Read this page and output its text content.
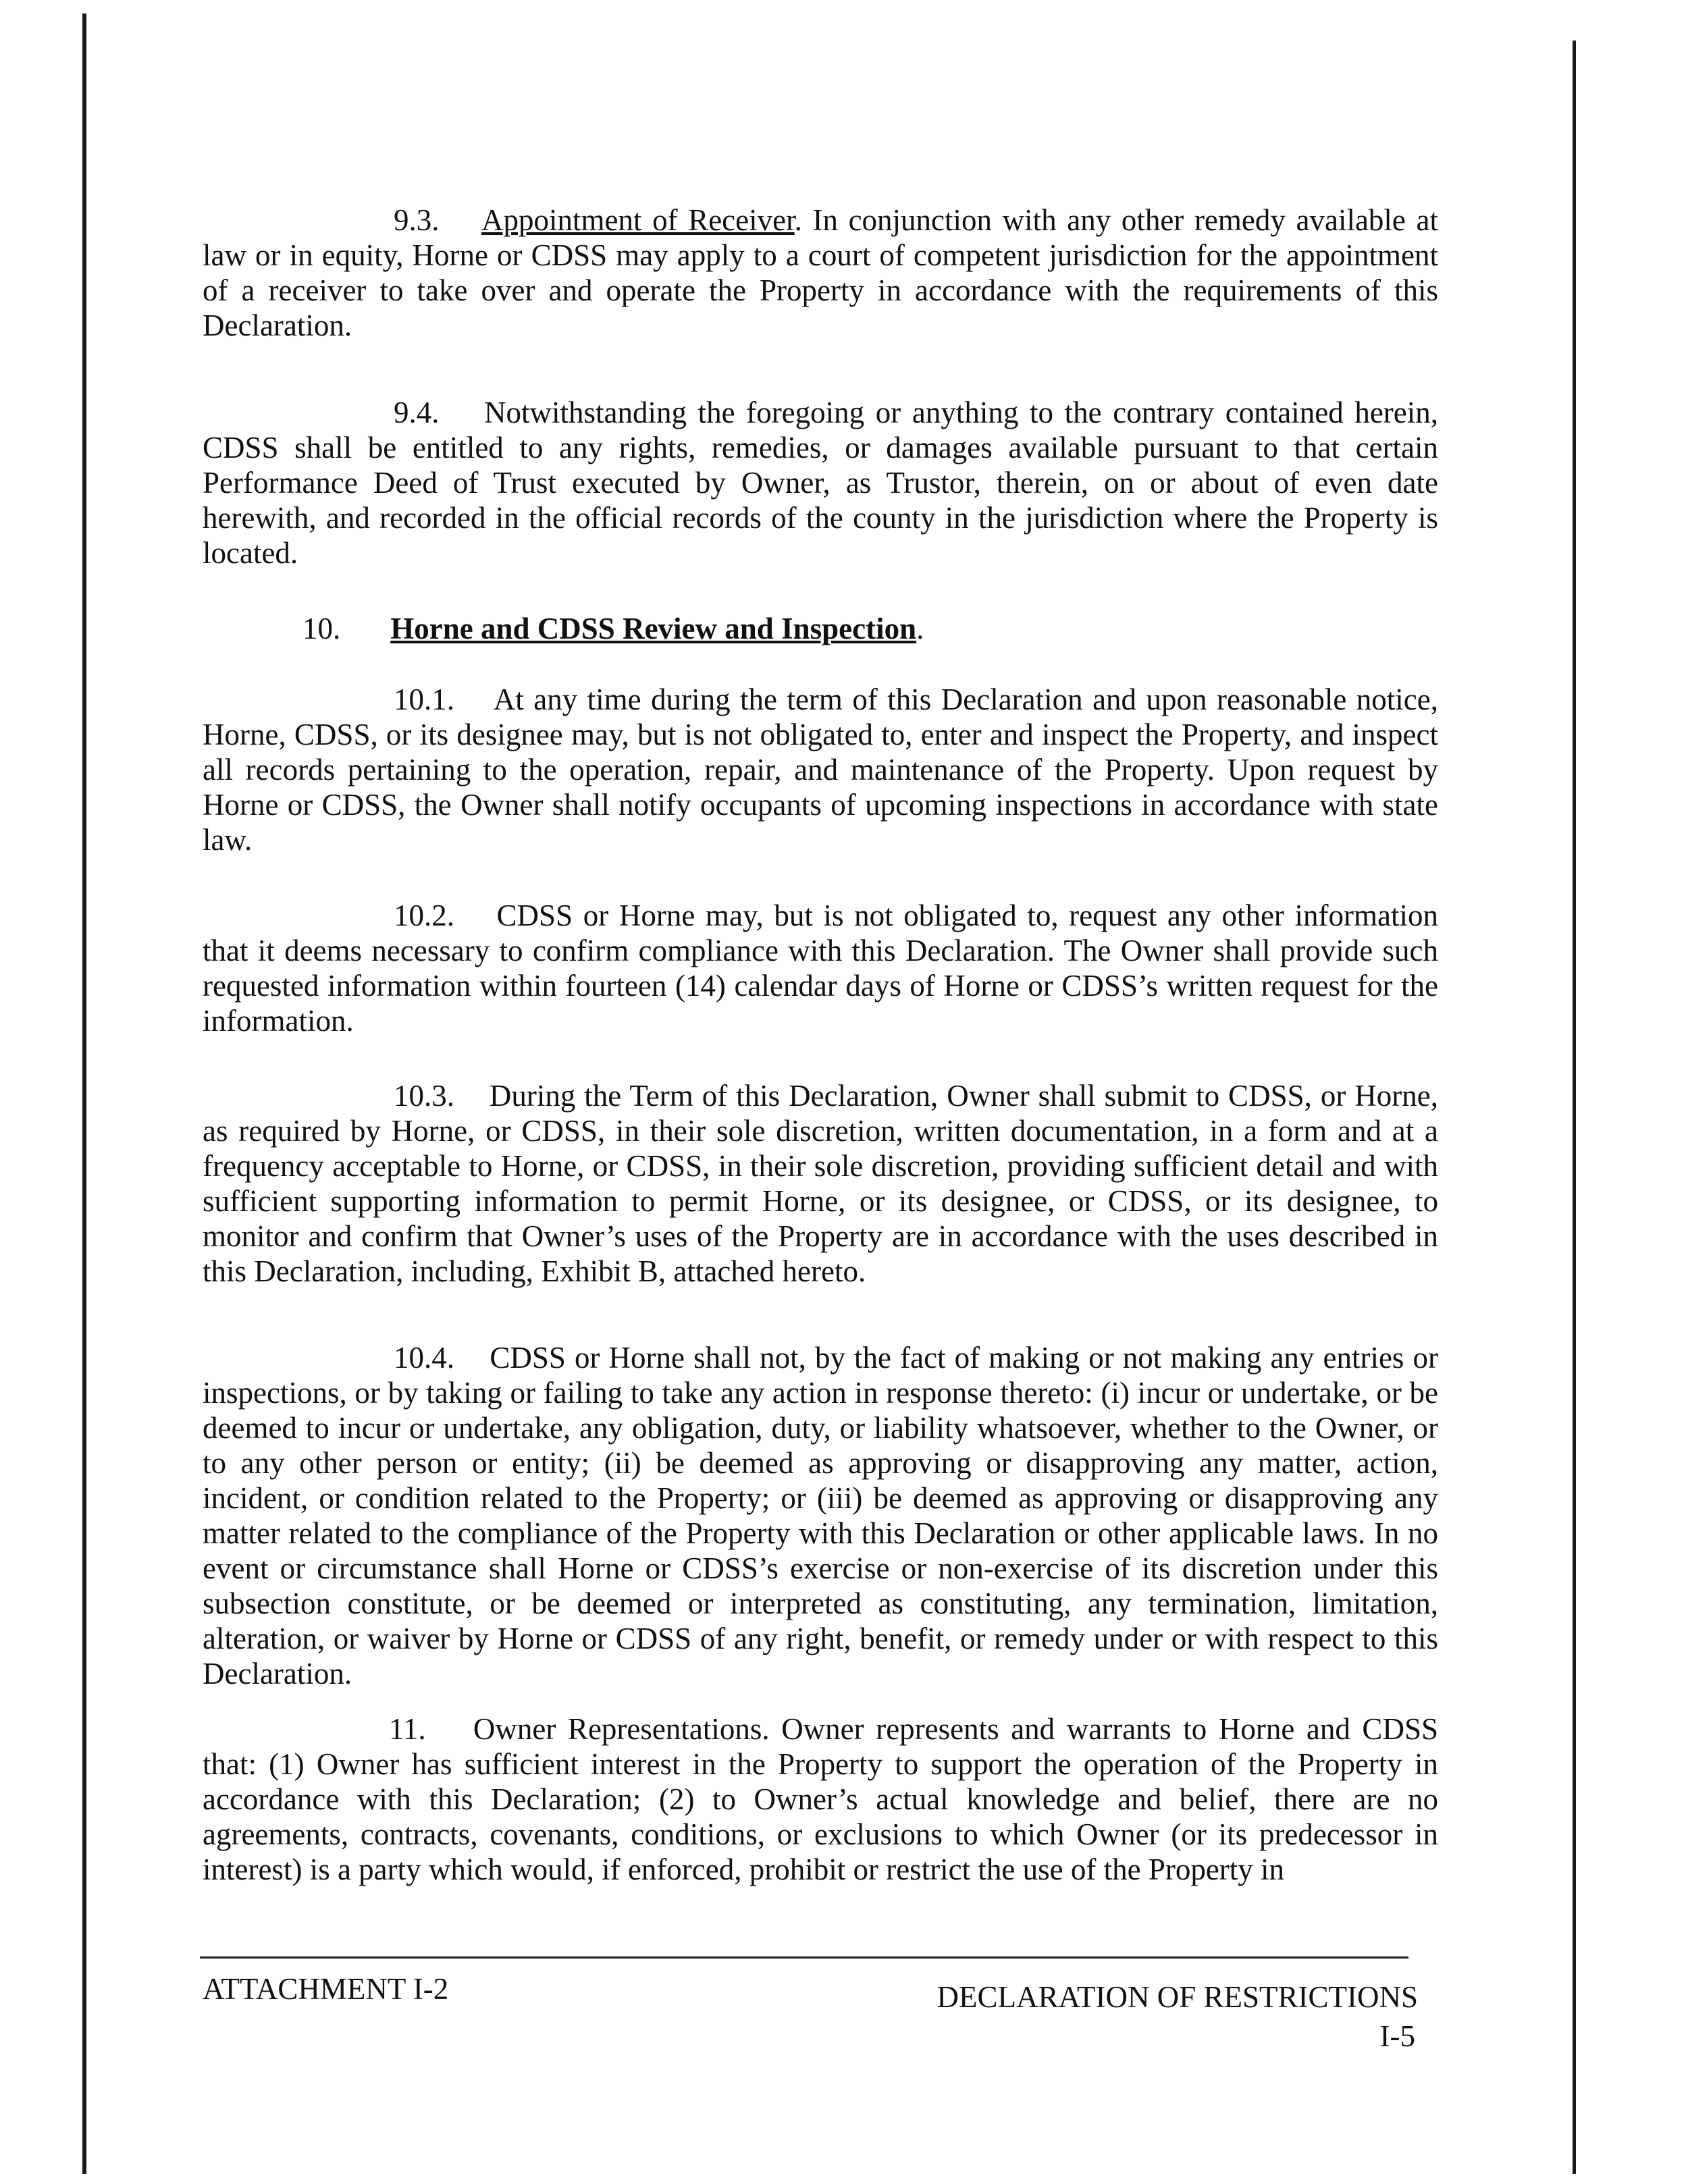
9.3. Appointment of Receiver. In conjunction with any other remedy available at law or in equity, Horne or CDSS may apply to a court of competent jurisdiction for the appointment of a receiver to take over and operate the Property in accordance with the requirements of this Declaration.

9.4. Notwithstanding the foregoing or anything to the contrary contained herein, CDSS shall be entitled to any rights, remedies, or damages available pursuant to that certain Performance Deed of Trust executed by Owner, as Trustor, therein, on or about of even date herewith, and recorded in the official records of the county in the jurisdiction where the Property is located.

10. Horne and CDSS Review and Inspection.

10.1. At any time during the term of this Declaration and upon reasonable notice, Horne, CDSS, or its designee may, but is not obligated to, enter and inspect the Property, and inspect all records pertaining to the operation, repair, and maintenance of the Property. Upon request by Horne or CDSS, the Owner shall notify occupants of upcoming inspections in accordance with state law.

10.2. CDSS or Horne may, but is not obligated to, request any other information that it deems necessary to confirm compliance with this Declaration. The Owner shall provide such requested information within fourteen (14) calendar days of Horne or CDSS’s written request for the information.

10.3. During the Term of this Declaration, Owner shall submit to CDSS, or Horne, as required by Horne, or CDSS, in their sole discretion, written documentation, in a form and at a frequency acceptable to Horne, or CDSS, in their sole discretion, providing sufficient detail and with sufficient supporting information to permit Horne, or its designee, or CDSS, or its designee, to monitor and confirm that Owner’s uses of the Property are in accordance with the uses described in this Declaration, including, Exhibit B, attached hereto.

10.4. CDSS or Horne shall not, by the fact of making or not making any entries or inspections, or by taking or failing to take any action in response thereto: (i) incur or undertake, or be deemed to incur or undertake, any obligation, duty, or liability whatsoever, whether to the Owner, or to any other person or entity; (ii) be deemed as approving or disapproving any matter, action, incident, or condition related to the Property; or (iii) be deemed as approving or disapproving any matter related to the compliance of the Property with this Declaration or other applicable laws. In no event or circumstance shall Horne or CDSS’s exercise or non-exercise of its discretion under this subsection constitute, or be deemed or interpreted as constituting, any termination, limitation, alteration, or waiver by Horne or CDSS of any right, benefit, or remedy under or with respect to this Declaration.

11. Owner Representations. Owner represents and warrants to Horne and CDSS that: (1) Owner has sufficient interest in the Property to support the operation of the Property in accordance with this Declaration; (2) to Owner’s actual knowledge and belief, there are no agreements, contracts, covenants, conditions, or exclusions to which Owner (or its predecessor in interest) is a party which would, if enforced, prohibit or restrict the use of the Property in

ATTACHMENT I-2	DECLARATION OF RESTRICTIONS
I-5
